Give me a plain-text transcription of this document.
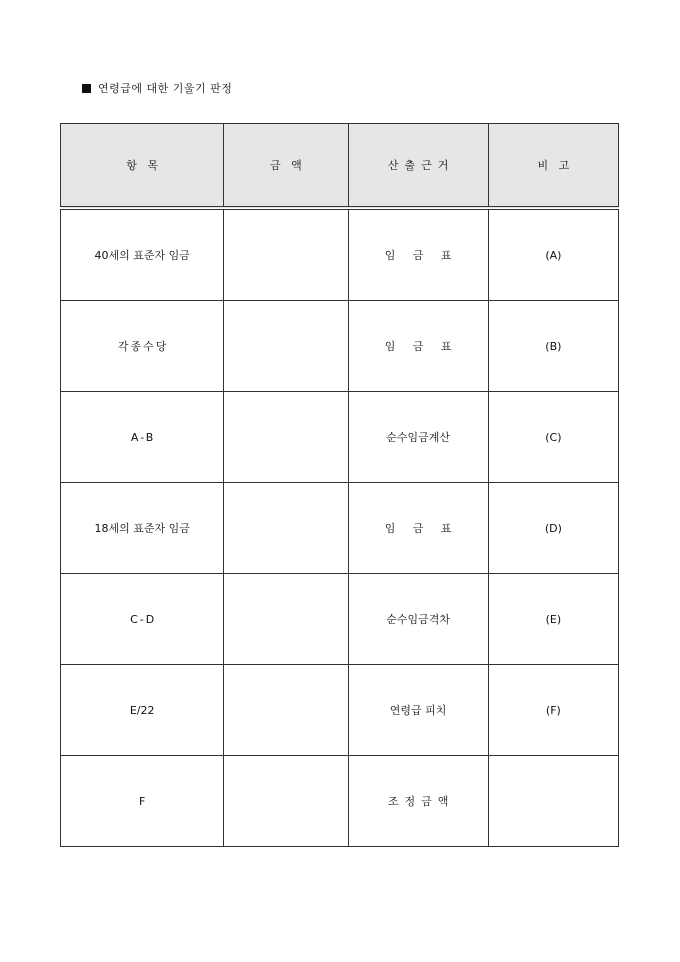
연령급에 대한 기울기 판정
항   목	금   액	산출근거	비   고
40세의 표준자 임금		임 금 표	(A)
각종수당		임 금 표	(B)
A-B		순수임금계산	(C)
18세의 표준자 임금		임 금 표	(D)
C-D		순수임금격차	(E)
E/22		연령급 피치	(F)
F		조정금액	
